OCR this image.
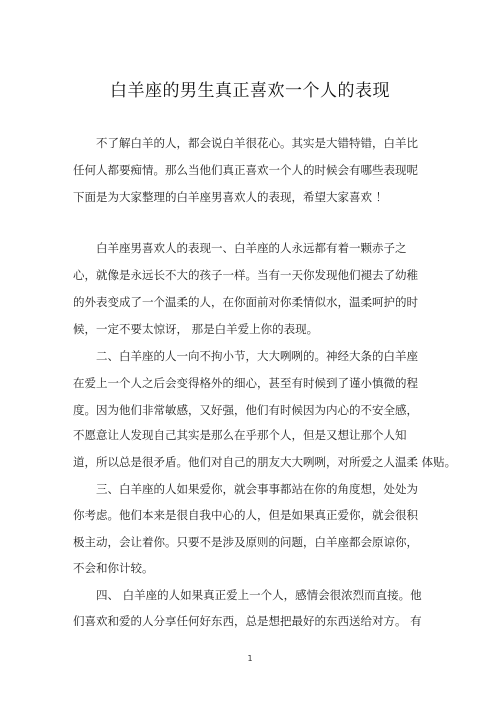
白羊座的男生真正喜欢一个人的表现
不了解白羊的人，都会说白羊很花心。其实是大错特错，白羊比
任何人都要痴情。那么当他们真正喜欢一个人的时候会有哪些表现呢
下面是为大家整理的白羊座男喜欢人的表现，希望大家喜欢 ！
白羊座男喜欢人的表现一、白羊座的人永远都有着一颗赤子之
心，就像是永远长不大的孩子一样。当有一天你发现他们褪去了幼稚
的外表变成了一个温柔的人，在你面前对你柔情似水，温柔呵护的时
候，一定不要太惊讶， 那是白羊爱上你的表现。
二、白羊座的人一向不拘小节，大大咧咧的。神经大条的白羊座
在爱上一个人之后会变得格外的细心，甚至有时候到了谨小慎微的程
度。因为他们非常敏感，又好强，他们有时候因为内心的不安全感，
不愿意让人发现自己其实是那么在乎那个人，但是又想让那个人知
道，所以总是很矛盾。他们对自己的朋友大大咧咧，对所爱之人温柔 体贴。
三、白羊座的人如果爱你，就会事事都站在你的角度想，处处为
你考虑。他们本来是很自我中心的人，但是如果真正爱你，就会很积
极主动，会让着你。只要不是涉及原则的问题，白羊座都会原谅你，
不会和你计较。
四、 白羊座的人如果真正爱上一个人，感情会很浓烈而直接。他
们喜欢和爱的人分享任何好东西，总是想把最好的东西送给对方。 有
1
